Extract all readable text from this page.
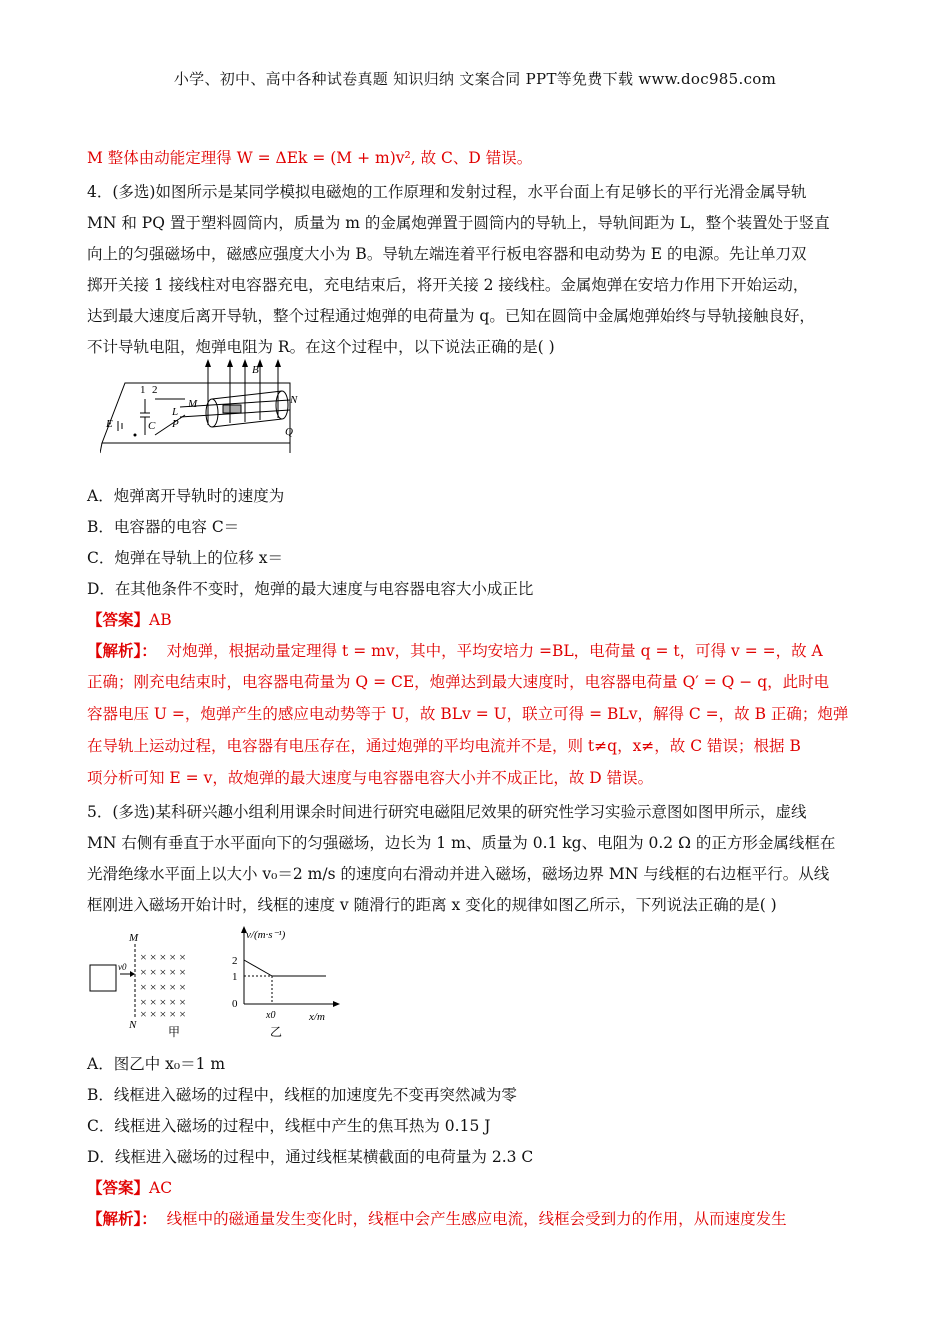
小学、初中、高中各种试卷真题 知识归纳 文案合同 PPT等免费下载 www.doc985.com
M 整体由动能定理得 W = ΔEk = (M + m)v², 故 C、D 错误。
4．(多选)如图所示是某同学模拟电磁炮的工作原理和发射过程，水平台面上有足够长的平行光滑金属导轨
MN 和 PQ 置于塑料圆筒内，质量为 m 的金属炮弹置于圆筒内的导轨上，导轨间距为 L，整个装置处于竖直
向上的匀强磁场中，磁感应强度大小为 B。导轨左端连着平行板电容器和电动势为 E 的电源。先让单刀双
掷开关接 1 接线柱对电容器充电，充电结束后，将开关接 2 接线柱。金属炮弹在安培力作用下开始运动，
达到最大速度后离开导轨，整个过程通过炮弹的电荷量为 q。已知在圆筒中金属炮弹始终与导轨接触良好，
不计导轨电阻，炮弹电阻为 R。在这个过程中，以下说法正确的是( )
B
1 2
M	N
L
P
Q
E	C
A．炮弹离开导轨时的速度为
B．电容器的电容 C＝
C．炮弹在导轨上的位移 x＝
D．在其他条件不变时，炮弹的最大速度与电容器电容大小成正比
【答案】AB
【解析】： 对炮弹，根据动量定理得 t = mv，其中，平均安培力 =BL，电荷量 q = t，可得 v = =，故 A
正确；刚充电结束时，电容器电荷量为 Q = CE，炮弹达到最大速度时，电容器电荷量 Q′ = Q − q，此时电
容器电压 U =，炮弹产生的感应电动势等于 U，故 BLv = U，联立可得 = BLv，解得 C =，故 B 正确；炮弹
在导轨上运动过程，电容器有电压存在，通过炮弹的平均电流并不是，则 t≠q，x≠，故 C 错误；根据 B
项分析可知 E = v，故炮弹的最大速度与电容器电容大小并不成正比，故 D 错误。
5．(多选)某科研兴趣小组利用课余时间进行研究电磁阻尼效果的研究性学习实验示意图如图甲所示，虚线
MN 右侧有垂直于水平面向下的匀强磁场，边长为 1 m、质量为 0.1 kg、电阻为 0.2 Ω 的正方形金属线框在
光滑绝缘水平面上以大小 v₀＝2 m/s 的速度向右滑动并进入磁场，磁场边界 MN 与线框的右边框平行。从线
框刚进入磁场开始计时，线框的速度 v 随滑行的距离 x 变化的规律如图乙所示，下列说法正确的是( )
v0
M
N
× × × × ×
× × × × ×
× × × × ×
× × × × ×
× × × × ×
甲
v/(m·s⁻¹)
x/m
2
1
0
x0
乙
A．图乙中 x₀＝1 m
B．线框进入磁场的过程中，线框的加速度先不变再突然减为零
C．线框进入磁场的过程中，线框中产生的焦耳热为 0.15 J
D．线框进入磁场的过程中，通过线框某横截面的电荷量为 2.3 C
【答案】AC
【解析】： 线框中的磁通量发生变化时，线框中会产生感应电流，线框会受到力的作用，从而速度发生
